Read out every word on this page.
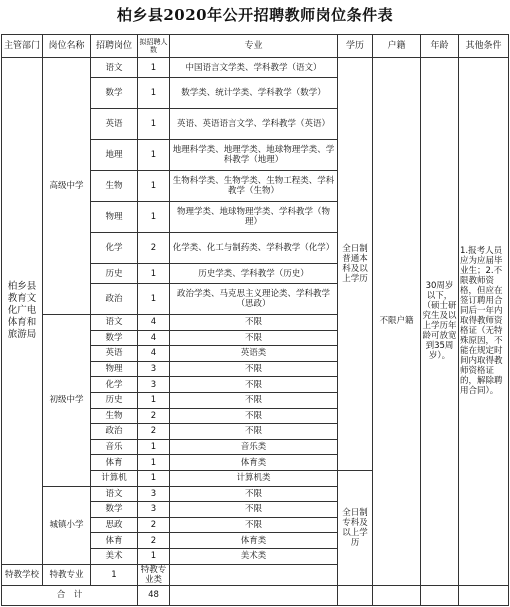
柏乡县2020年公开招聘教师岗位条件表
主管部门	岗位名称	招聘岗位	拟招聘人数	专业	学历	户籍	年龄	其他条件
柏乡县教育文化广电体育和旅游局	高级中学	语文	1	中国语言文学类、学科教学（语文）	全日制普通本科及以上学历	不限户籍	30周岁以下，（硕士研究生及以上学历年龄可放宽到35周岁）。	1.报考人员应为应届毕业生；2.不限教师资格，但应在签订聘用合同后一年内取得教师资格证（无特殊原因，不能在规定时间内取得教师资格证的，解除聘用合同）。
		数学	1	数学类、统计学类、学科教学（数学）				
		英语	1	英语、英语语言文学、学科教学（英语）				
		地理	1	地理科学类、地理学类、地球物理学类、学科教学（地理）				
		生物	1	生物科学类、生物学类、生物工程类、学科教学（生物）				
		物理	1	物理学类、地球物理学类、学科教学（物理）				
		化学	2	化学类、化工与制药类、学科教学（化学）				
		历史	1	历史学类、学科教学（历史）				
		政治	1	政治学类、马克思主义理论类、学科教学（思政）				
	初级中学	语文	4	不限				
		数学	4	不限				
		英语	4	英语类				
		物理	3	不限				
		化学	3	不限				
		历史	1	不限				
		生物	2	不限				
		政治	2	不限				
		音乐	1	音乐类				
		体育	1	体育类				
		计算机	1	计算机类	全日制专科及以上学历			
	城镇小学	语文	3	不限				
		数学	3	不限				
		思政	2	不限				
		体育	2	体育类				
		美术	1	美术类				
特教学校	特教专业	1	特教专业类					
合　计			48					
